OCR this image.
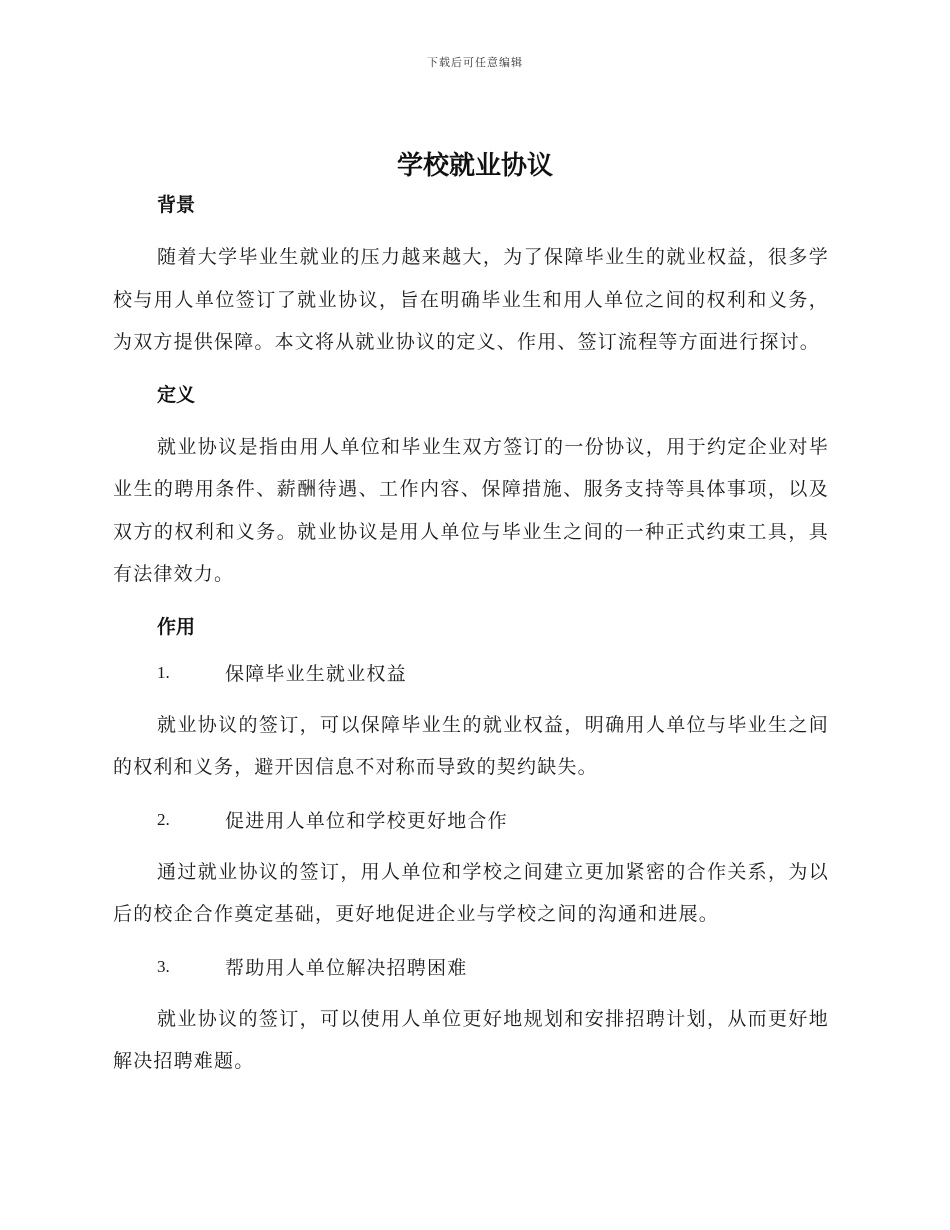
下载后可任意编辑
学校就业协议
背景

随着大学毕业生就业的压力越来越大，为了保障毕业生的就业权益，很多学校与用人单位签订了就业协议，旨在明确毕业生和用人单位之间的权利和义务，为双方提供保障。本文将从就业协议的定义、作用、签订流程等方面进行探讨。

定义

就业协议是指由用人单位和毕业生双方签订的一份协议，用于约定企业对毕业生的聘用条件、薪酬待遇、工作内容、保障措施、服务支持等具体事项，以及双方的权利和义务。就业协议是用人单位与毕业生之间的一种正式约束工具，具有法律效力。

作用
1.	保障毕业生就业权益

就业协议的签订，可以保障毕业生的就业权益，明确用人单位与毕业生之间的权利和义务，避开因信息不对称而导致的契约缺失。

2.	促进用人单位和学校更好地合作

通过就业协议的签订，用人单位和学校之间建立更加紧密的合作关系，为以后的校企合作奠定基础，更好地促进企业与学校之间的沟通和进展。

3.	帮助用人单位解决招聘困难

就业协议的签订，可以使用人单位更好地规划和安排招聘计划，从而更好地解决招聘难题。
